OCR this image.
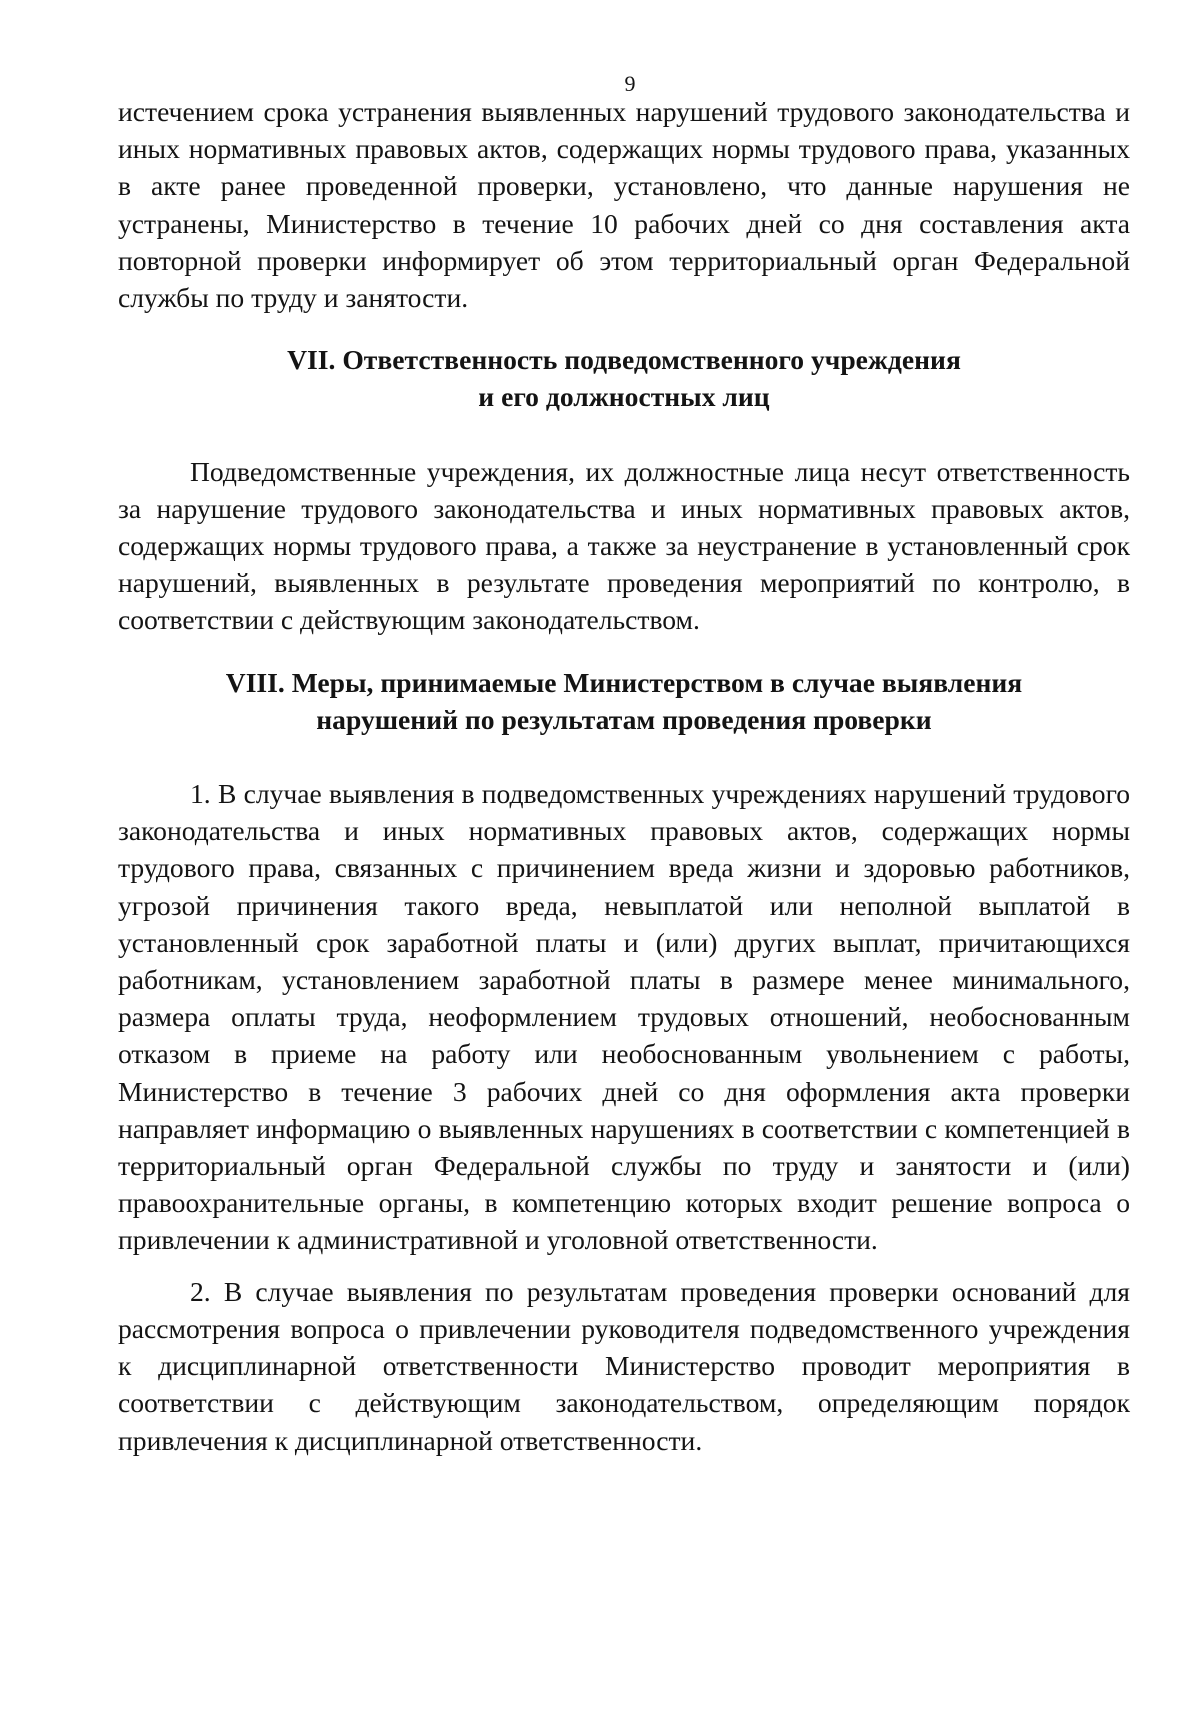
9

истечением срока устранения выявленных нарушений трудового законодательства и иных нормативных правовых актов, содержащих нормы трудового права, указанных в акте ранее проведенной проверки, установлено, что данные нарушения не устранены, Министерство в течение 10 рабочих дней со дня составления акта повторной проверки информирует об этом территориальный орган Федеральной службы по труду и занятости.

VII. Ответственность подведомственного учреждения
и его должностных лиц

Подведомственные учреждения, их должностные лица несут ответственность за нарушение трудового законодательства и иных нормативных правовых актов, содержащих нормы трудового права, а также за неустранение в установленный срок нарушений, выявленных в результате проведения мероприятий по контролю, в соответствии с действующим законодательством.

VIII. Меры, принимаемые Министерством в случае выявления
нарушений по результатам проведения проверки

1. В случае выявления в подведомственных учреждениях нарушений трудового законодательства и иных нормативных правовых актов, содержащих нормы трудового права, связанных с причинением вреда жизни и здоровью работников, угрозой причинения такого вреда, невыплатой или неполной выплатой в установленный срок заработной платы и (или) других выплат, причитающихся работникам, установлением заработной платы в размере менее минимального, размера оплаты труда, неоформлением трудовых отношений, необоснованным отказом в приеме на работу или необоснованным увольнением с работы, Министерство в течение 3 рабочих дней со дня оформления акта проверки направляет информацию о выявленных нарушениях в соответствии с компетенцией в территориальный орган Федеральной службы по труду и занятости и (или) правоохранительные органы, в компетенцию которых входит решение вопроса о привлечении к административной и уголовной ответственности.

2. В случае выявления по результатам проведения проверки оснований для рассмотрения вопроса о привлечении руководителя подведомственного учреждения к дисциплинарной ответственности Министерство проводит мероприятия в соответствии с действующим законодательством, определяющим порядок привлечения к дисциплинарной ответственности.
